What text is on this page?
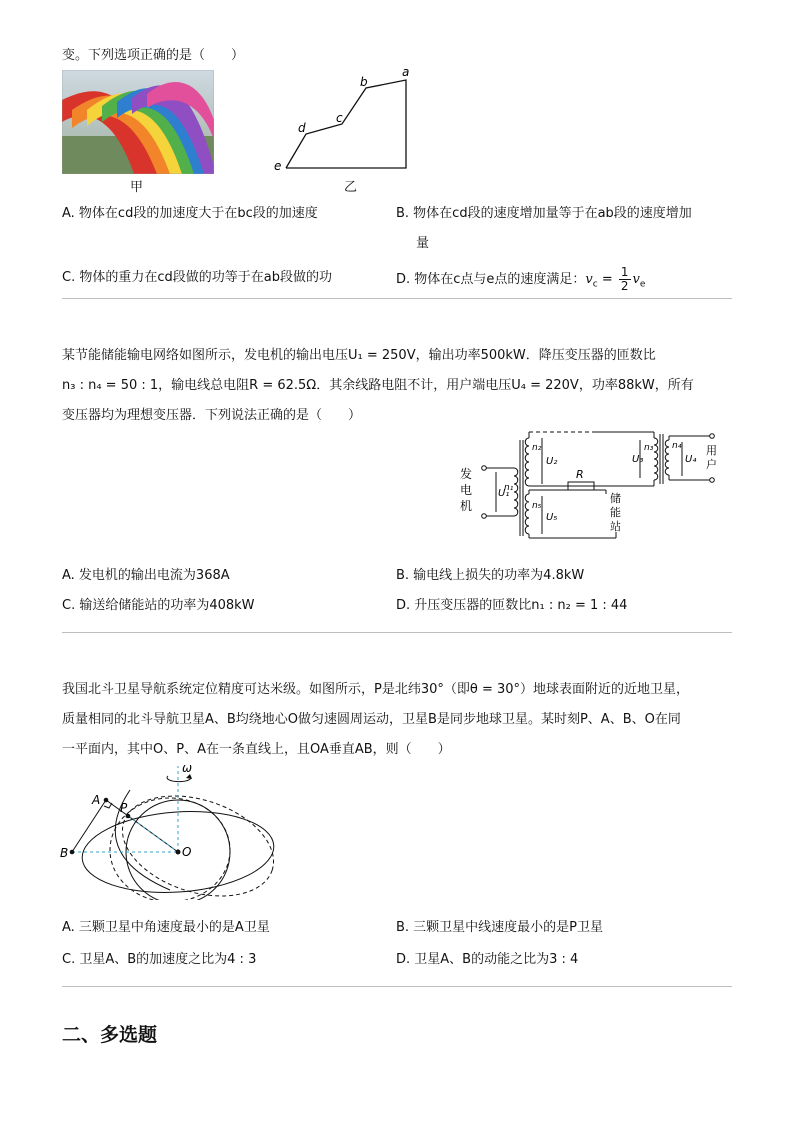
变。下列选项正确的是（　　）
甲
e
d
c
b
a
乙
A. 物体在cd段的加速度大于在bc段的加速度	B. 物体在cd段的速度增加量等于在ab段的速度增加
量
C. 物体的重力在cd段做的功等于在ab段做的功	D. 物体在c点与e点的速度满足：$v_c = \frac{1}{2} v_e$
某节能储能输电网络如图所示，发电机的输出电压U₁ = 250V，输出功率500kW．降压变压器的匝数比
n₃ : n₄ = 50 : 1，输电线总电阻R = 62.5Ω．其余线路电阻不计，用户端电压U₄ = 220V，功率88kW，所有
变压器均为理想变压器．下列说法正确的是（　　）
发
电
机
U₁
n₁
n₂
U₂
R
n₅
U₅
储
能
站
n₃
U₃
n₄
U₄
用
户
A. 发电机的输出电流为368A	B. 输电线上损失的功率为4.8kW
C. 输送给储能站的功率为408kW	D. 升压变压器的匝数比n₁ : n₂ = 1 : 44
我国北斗卫星导航系统定位精度可达米级。如图所示，P是北纬30°（即θ = 30°）地球表面附近的近地卫星，
质量相同的北斗导航卫星A、B均绕地心O做匀速圆周运动，卫星B是同步地球卫星。某时刻P、A、B、O在同
一平面内，其中O、P、A在一条直线上，且OA垂直AB，则（　　）
ω
A
P
B	O
A. 三颗卫星中角速度最小的是A卫星	B. 三颗卫星中线速度最小的是P卫星
C. 卫星A、B的加速度之比为4 : 3	D. 卫星A、B的动能之比为3 : 4
二、多选题
